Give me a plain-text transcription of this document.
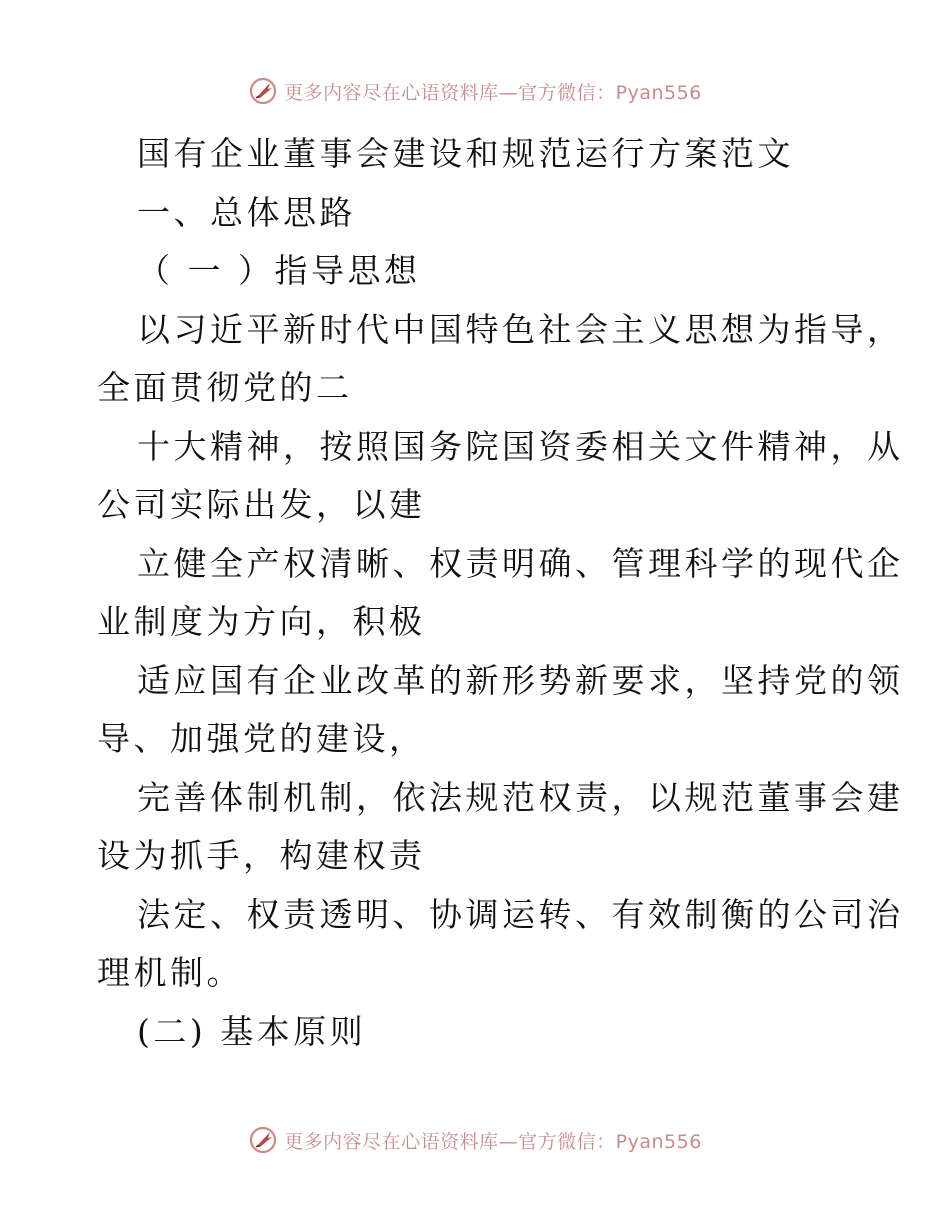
更多内容尽在心语资料库—官方微信：Pyan556

国有企业董事会建设和规范运行方案范文

一、总体思路

（ 一 ）指导思想

以习近平新时代中国特色社会主义思想为指导，

全面贯彻党的二

十大精神，按照国务院国资委相关文件精神，从

公司实际出发，以建

立健全产权清晰、权责明确、管理科学的现代企

业制度为方向，积极

适应国有企业改革的新形势新要求，坚持党的领

导、加强党的建设，

完善体制机制，依法规范权责，以规范董事会建

设为抓手，构建权责

法定、权责透明、协调运转、有效制衡的公司治

理机制。

(二) 基本原则

更多内容尽在心语资料库—官方微信：Pyan556
